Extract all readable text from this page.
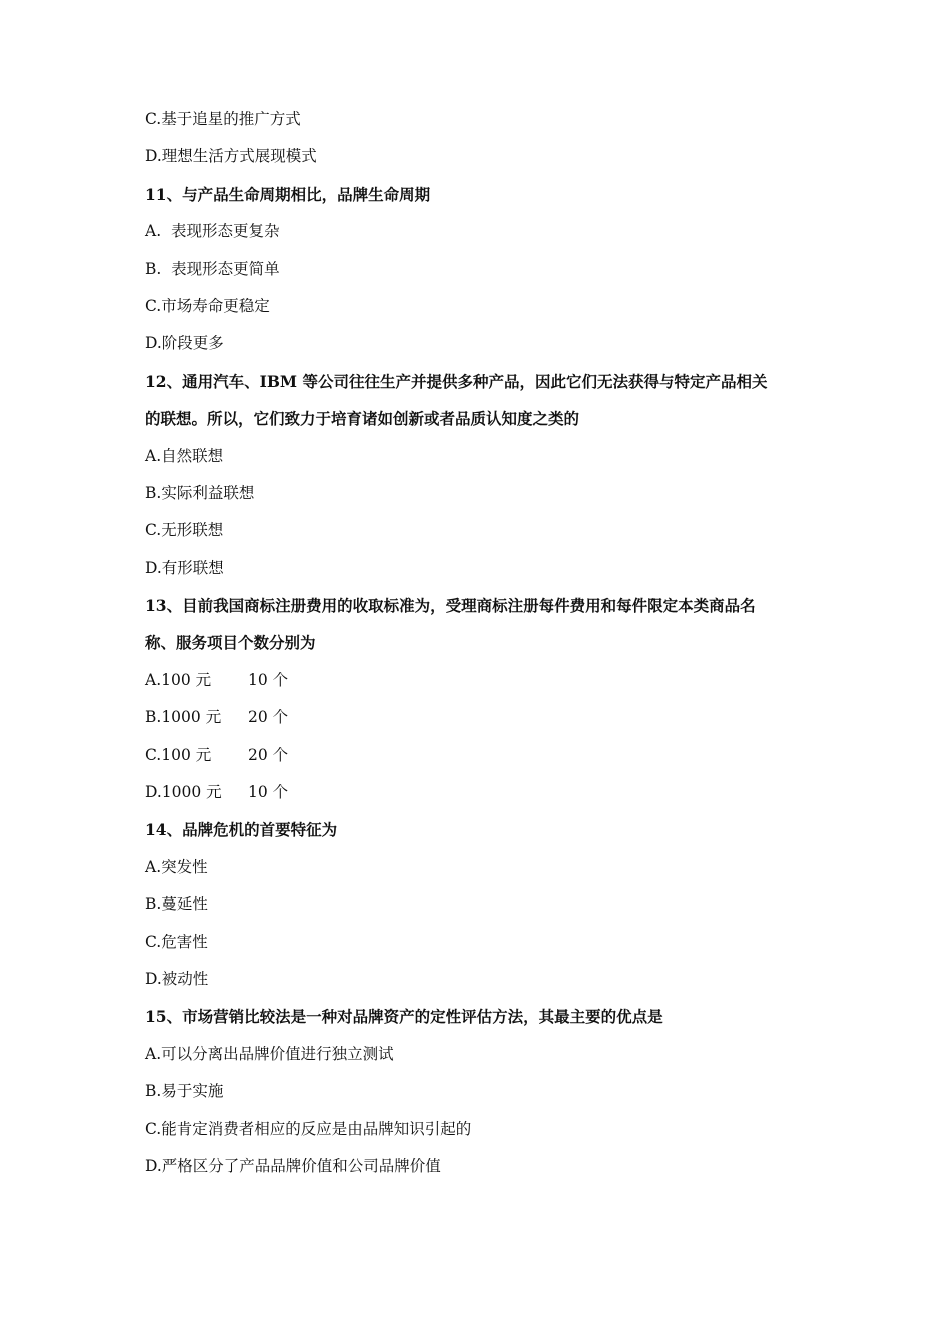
C.基于追星的推广方式
D.理想生活方式展现模式
11、与产品生命周期相比，品牌生命周期
A.  表现形态更复杂
B.  表现形态更简单
C.市场寿命更稳定
D.阶段更多
12、通用汽车、IBM 等公司往往生产并提供多种产品，因此它们无法获得与特定产品相关
的联想。所以，它们致力于培育诸如创新或者品质认知度之类的
A.自然联想
B.实际利益联想
C.无形联想
D.有形联想
13、目前我国商标注册费用的收取标准为，受理商标注册每件费用和每件限定本类商品名
称、服务项目个数分别为
A.100 元 10 个
B.1000 元 20 个
C.100 元 20 个
D.1000 元 10 个
14、品牌危机的首要特征为
A.突发性
B.蔓延性
C.危害性
D.被动性
15、市场营销比较法是一种对品牌资产的定性评估方法，其最主要的优点是
A.可以分离出品牌价值进行独立测试
B.易于实施
C.能肯定消费者相应的反应是由品牌知识引起的
D.严格区分了产品品牌价值和公司品牌价值
